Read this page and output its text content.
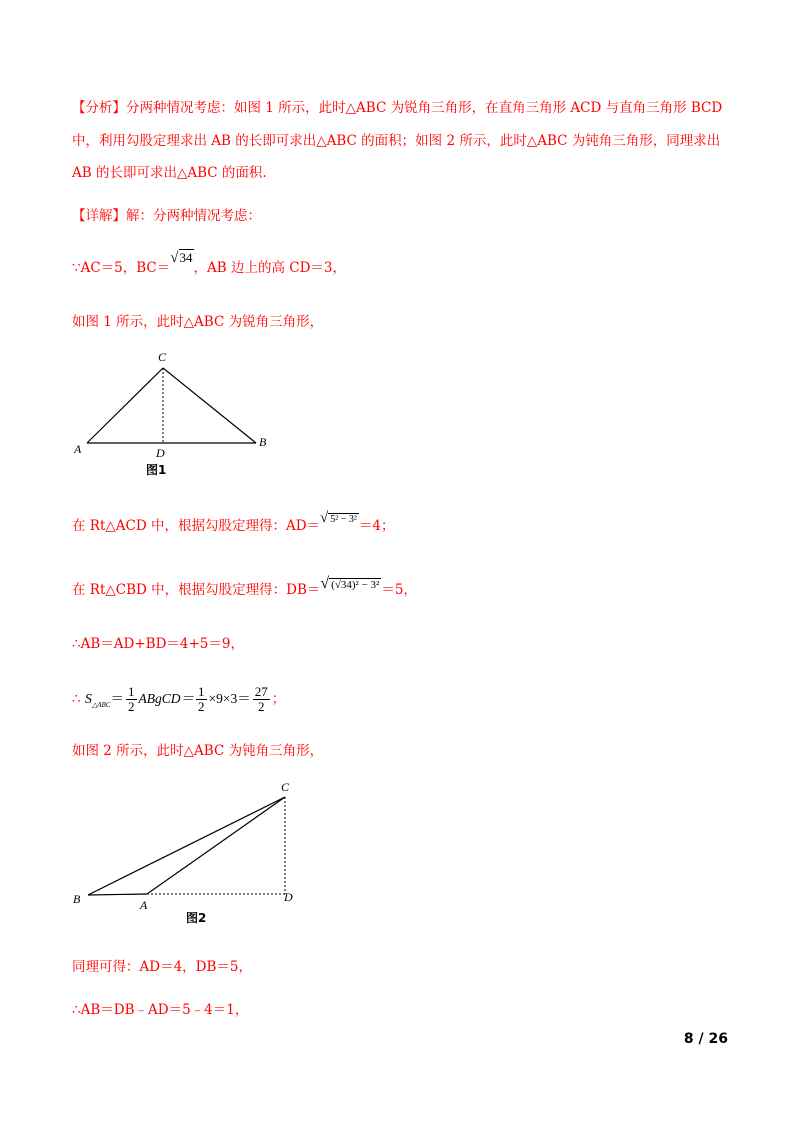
【分析】分两种情况考虑：如图 1 所示，此时△ABC 为锐角三角形，在直角三角形 ACD 与直角三角形 BCD
中，利用勾股定理求出 AB 的长即可求出△ABC 的面积；如图 2 所示，此时△ABC 为钝角三角形，同理求出
AB 的长即可求出△ABC 的面积.
【详解】解：分两种情况考虑：
∵AC＝5，BC＝√34，AB 边上的高 CD＝3，
如图 1 所示，此时△ABC 为锐角三角形，
A	B
C
D
图1
在 Rt△ACD 中，根据勾股定理得：AD＝√ 5² − 3² ＝4；
在 Rt△CBD 中，根据勾股定理得：DB＝√ (√34)² − 3² ＝5，
∴AB＝AD+BD＝4+5＝9，
∴ $S_{\triangle ABC}= \frac{1}{2}$ ABgCD＝ $\frac{1}{2} \times 9\times 3= \frac{27}{2}$ ；
如图 2 所示，此时△ABC 为钝角三角形，
B	A
C
D
图2
同理可得：AD＝4，DB＝5，
∴AB＝DB﹣AD＝5﹣4＝1，
8 / 26
